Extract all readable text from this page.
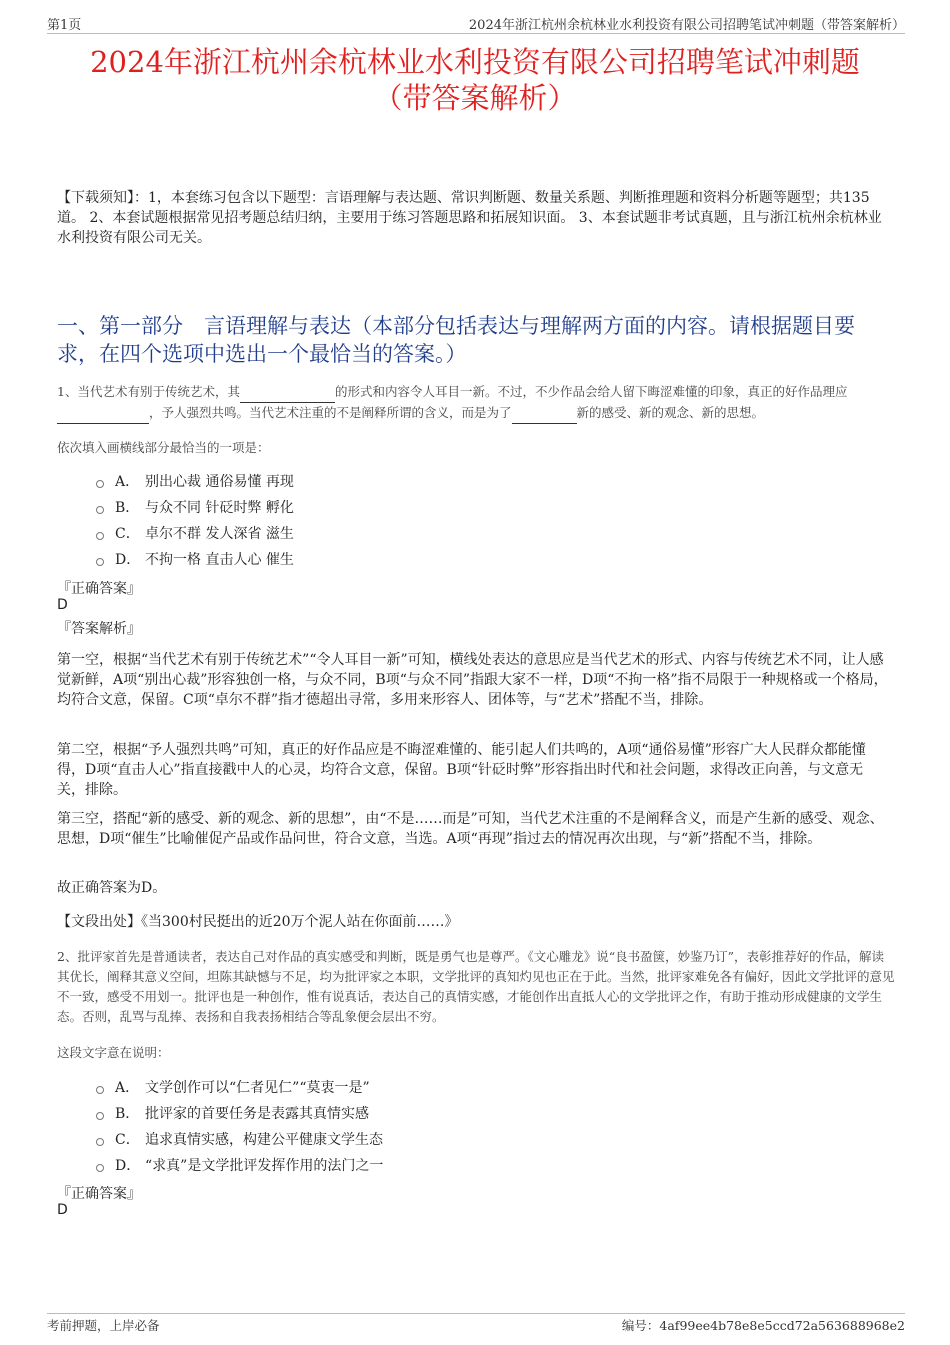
第1页	2024年浙江杭州余杭林业水利投资有限公司招聘笔试冲刺题（带答案解析）
2024年浙江杭州余杭林业水利投资有限公司招聘笔试冲刺题
（带答案解析）
【下载须知】：1，本套练习包含以下题型：言语理解与表达题、常识判断题、数量关系题、判断推理题和资料分析题等题型；共135道。 2、本套试题根据常见招考题总结归纳，主要用于练习答题思路和拓展知识面。 3、本套试题非考试真题，且与浙江杭州余杭林业水利投资有限公司无关。
一、第一部分　言语理解与表达（本部分包括表达与理解两方面的内容。请根据题目要求，在四个选项中选出一个最恰当的答案。）
1、当代艺术有别于传统艺术，其	的形式和内容令人耳目一新。不过，不少作品会给人留下晦涩难懂的印象，真正的好作品理应 ，予人强烈共鸣。当代艺术注重的不是阐释所谓的含义，而是为了	新的感受、新的观念、新的思想。
依次填入画横线部分最恰当的一项是：
A． 别出心裁 通俗易懂 再现
B． 与众不同 针砭时弊 孵化
C． 卓尔不群 发人深省 滋生
D． 不拘一格 直击人心 催生
『正确答案』
D
『答案解析』
第一空，根据“当代艺术有别于传统艺术”“令人耳目一新”可知，横线处表达的意思应是当代艺术的形式、内容与传统艺术不同，让人感觉新鲜，A项“别出心裁”形容独创一格，与众不同，B项“与众不同”指跟大家不一样，D项“不拘一格”指不局限于一种规格或一个格局，均符合文意，保留。C项“卓尔不群”指才德超出寻常，多用来形容人、团体等，与“艺术”搭配不当，排除。
第二空，根据“予人强烈共鸣”可知，真正的好作品应是不晦涩难懂的、能引起人们共鸣的，A项“通俗易懂”形容广大人民群众都能懂得，D项“直击人心”指直接戳中人的心灵，均符合文意，保留。B项“针砭时弊”形容指出时代和社会问题，求得改正向善，与文意无关，排除。
第三空，搭配“新的感受、新的观念、新的思想”，由“不是……而是”可知，当代艺术注重的不是阐释含义，而是产生新的感受、观念、思想，D项“催生”比喻催促产品或作品问世，符合文意，当选。A项“再现”指过去的情况再次出现，与“新”搭配不当，排除。
故正确答案为D。
【文段出处】《当300村民挺出的近20万个泥人站在你面前……》
2、批评家首先是普通读者，表达自己对作品的真实感受和判断，既是勇气也是尊严。《文心雕龙》说“良书盈箧，妙鉴乃订”，表彰推荐好的作品，解读其优长，阐释其意义空间，坦陈其缺憾与不足，均为批评家之本职，文学批评的真知灼见也正在于此。当然，批评家难免各有偏好，因此文学批评的意见不一致，感受不用划一。批评也是一种创作，惟有说真话，表达自己的真情实感，才能创作出直抵人心的文学批评之作，有助于推动形成健康的文学生态。否则，乱骂与乱捧、表扬和自我表扬相结合等乱象便会层出不穷。
这段文字意在说明：
A． 文学创作可以“仁者见仁”“莫衷一是”
B． 批评家的首要任务是表露其真情实感
C． 追求真情实感，构建公平健康文学生态
D． “求真”是文学批评发挥作用的法门之一
『正确答案』
D
考前押题，上岸必备	编号：4af99ee4b78e8e5ccd72a563688968e2
